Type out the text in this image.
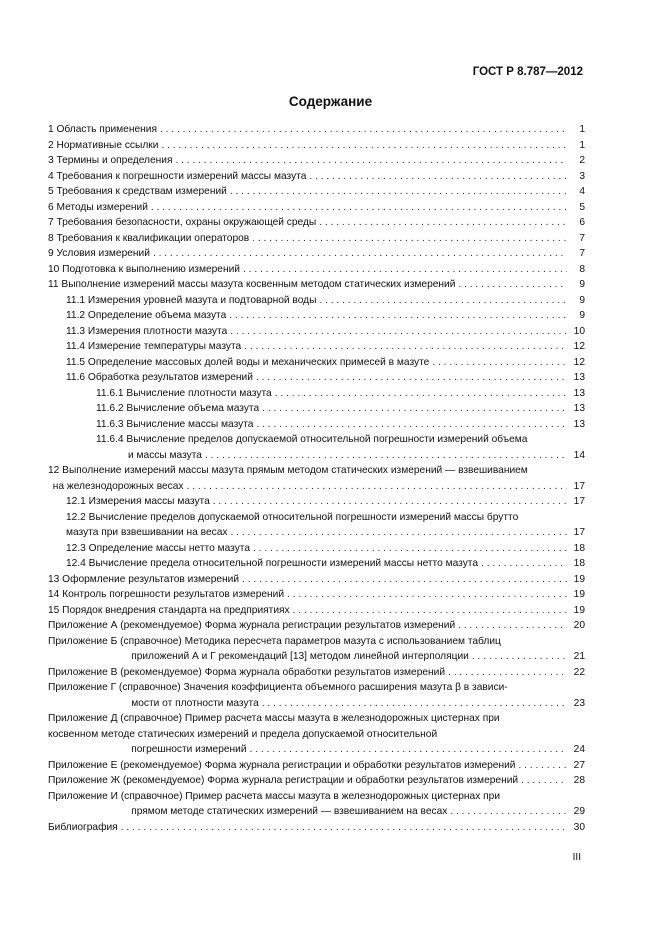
ГОСТ Р 8.787—2012
Содержание
1 Область применения . . .	1
2 Нормативные ссылки . . .	1
3 Термины и определения . . .	2
4 Требования к погрешности измерений массы мазута . . .	3
5 Требования к средствам измерений . . .	4
6 Методы измерений . . .	5
7 Требования безопасности, охраны окружающей среды . . .	6
8 Требования к квалификации операторов . . .	7
9 Условия измерений . . .	7
10 Подготовка к выполнению измерений . . .	8
11 Выполнение измерений массы мазута косвенным методом статических измерений . . .	9
11.1 Измерения уровней мазута и подтоварной воды . . .	9
11.2 Определение объема мазута . . .	9
11.3 Измерения плотности мазута . . .	10
11.4 Измерение температуры мазута . . .	12
11.5 Определение массовых долей воды и механических примесей в мазуте . . .	12
11.6 Обработка результатов измерений . . .	13
11.6.1 Вычисление плотности мазута . . .	13
11.6.2 Вычисление объема мазута . . .	13
11.6.3 Вычисление массы мазута . . .	13
11.6.4 Вычисление пределов допускаемой относительной погрешности измерений объема
и массы мазута . . .	14
12 Выполнение измерений массы мазута прямым методом статических измерений — взвешиванием
на железнодорожных весах . . .	17
12.1 Измерения массы мазута . . .	17
12.2 Вычисление пределов допускаемой относительной погрешности измерений массы брутто
мазута при взвешивании на весах . . .	17
12.3 Определение массы нетто мазута . . .	18
12.4 Вычисление предела относительной погрешности измерений массы нетто мазута . . .	18
13 Оформление результатов измерений . . .	19
14 Контроль погрешности результатов измерений . . .	19
15 Порядок внедрения стандарта на предприятиях . . .	19
Приложение А (рекомендуемое) Форма журнала регистрации результатов измерений . . .	20
Приложение Б (справочное) Методика пересчета параметров мазута с использованием таблиц
приложений А и Г рекомендаций [13] методом линейной интерполяции . . .	21
Приложение В (рекомендуемое) Форма журнала обработки результатов измерений . . .	22
Приложение Г (справочное) Значения коэффициента объемного расширения мазута β в зависи-
мости от плотности мазута . . .	23
Приложение Д (справочное) Пример расчета массы мазута в железнодорожных цистернах при
косвенном методе статических измерений и предела допускаемой относительной
погрешности измерений . . .	24
Приложение Е (рекомендуемое) Форма журнала регистрации и обработки результатов измерений . . .	27
Приложение Ж (рекомендуемое) Форма журнала регистрации и обработки результатов измерений . . .	28
Приложение И (справочное) Пример расчета массы мазута в железнодорожных цистернах при
прямом методе статических измерений — взвешиванием на весах . . .	29
Библиография . . .	30
III
